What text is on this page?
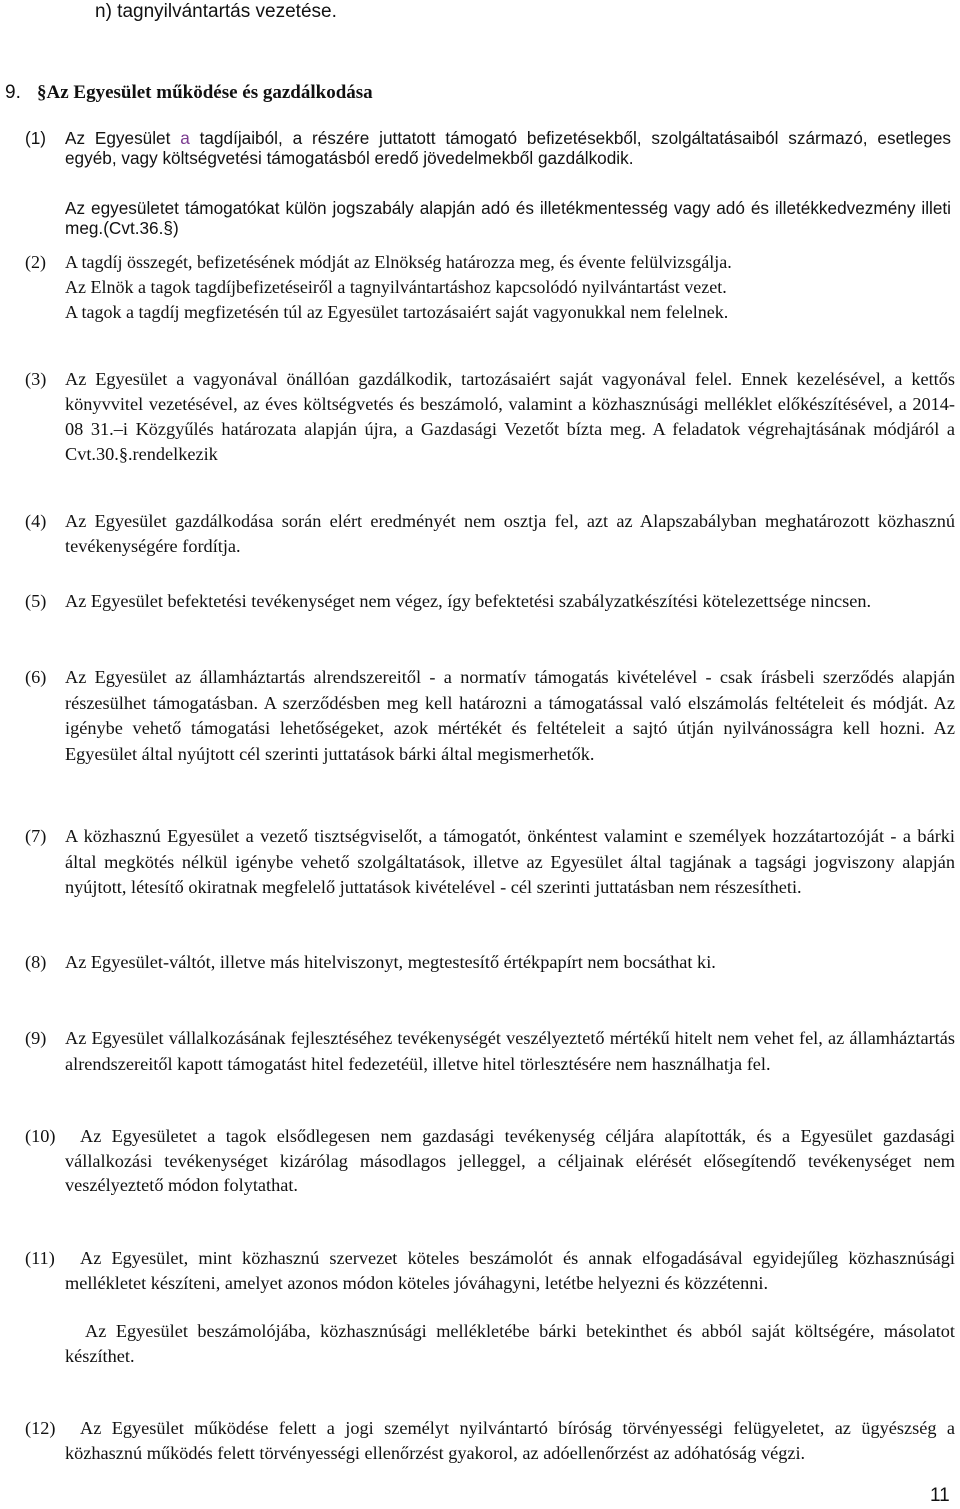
n) tagnyilvántartás vezetése.
9. §Az Egyesület működése és gazdálkodása
(1)	Az Egyesület a tagdíjaiból, a részére juttatott támogató befizetésekből, szolgáltatásaiból származó, esetleges egyéb, vagy költségvetési támogatásból eredő jövedelmekből gazdálkodik.
Az egyesületet támogatókat külön jogszabály alapján adó és illetékmentesség vagy adó és illetékkedvezmény illeti meg.(Cvt.36.§)
(2)	A tagdíj összegét, befizetésének módját az Elnökség határozza meg, és évente felülvizsgálja.
Az Elnök a tagok tagdíjbefizetéseiről a tagnyilvántartáshoz kapcsolódó nyilvántartást vezet.
A tagok a tagdíj megfizetésén túl az Egyesület tartozásaiért saját vagyonukkal nem felelnek.
(3)	Az Egyesület a vagyonával önállóan gazdálkodik, tartozásaiért saját vagyonával felel. Ennek kezelésével, a kettős könyvvitel vezetésével, az éves költségvetés és beszámoló, valamint a közhasznúsági melléklet előkészítésével, a 2014-08 31.–i Közgyűlés határozata alapján újra, a Gazdasági Vezetőt bízta meg. A feladatok végrehajtásának módjáról a Cvt.30.§.rendelkezik
(4)	Az Egyesület gazdálkodása során elért eredményét nem osztja fel, azt az Alapszabályban meghatározott közhasznú tevékenységére fordítja.
(5)	Az Egyesület befektetési tevékenységet nem végez, így befektetési szabályzatkészítési kötelezettsége nincsen.
(6)	Az Egyesület az államháztartás alrendszereitől - a normatív támogatás kivételével - csak írásbeli szerződés alapján részesülhet támogatásban. A szerződésben meg kell határozni a támogatással való elszámolás feltételeit és módját. Az igénybe vehető támogatási lehetőségeket, azok mértékét és feltételeit a sajtó útján nyilvánosságra kell hozni. Az Egyesület által nyújtott cél szerinti juttatások bárki által megismerhetők.
(7)	A közhasznú Egyesület a vezető tisztségviselőt, a támogatót, önkéntest valamint e személyek hozzátartozóját - a bárki által megkötés nélkül igénybe vehető szolgáltatások, illetve az Egyesület által tagjának a tagsági jogviszony alapján nyújtott, létesítő okiratnak megfelelő juttatások kivételével - cél szerinti juttatásban nem részesítheti.
(8)	Az Egyesület-váltót, illetve más hitelviszonyt, megtestesítő értékpapírt nem bocsáthat ki.
(9)	Az Egyesület vállalkozásának fejlesztéséhez tevékenységét veszélyeztető mértékű hitelt nem vehet fel, az államháztartás alrendszereitől kapott támogatást hitel fedezetéül, illetve hitel törlesztésére nem használhatja fel.
(10)	Az Egyesületet a tagok elsődlegesen nem gazdasági tevékenység céljára alapították, és a Egyesület gazdasági vállalkozási tevékenységet kizárólag másodlagos jelleggel, a céljainak elérését elősegítendő tevékenységet nem veszélyeztető módon folytathat.
(11)	Az Egyesület, mint közhasznú szervezet köteles beszámolót és annak elfogadásával egyidejűleg közhasznúsági mellékletet készíteni, amelyet azonos módon köteles jóváhagyni, letétbe helyezni és közzétenni.
Az Egyesület beszámolójába, közhasznúsági mellékletébe bárki betekinthet és abból saját költségére, másolatot készíthet.
(12)	Az Egyesület működése felett a jogi személyt nyilvántartó bíróság törvényességi felügyeletet, az ügyészség a közhasznú működés felett törvényességi ellenőrzést gyakorol, az adóellenőrzést az adóhatóság végzi.
11
